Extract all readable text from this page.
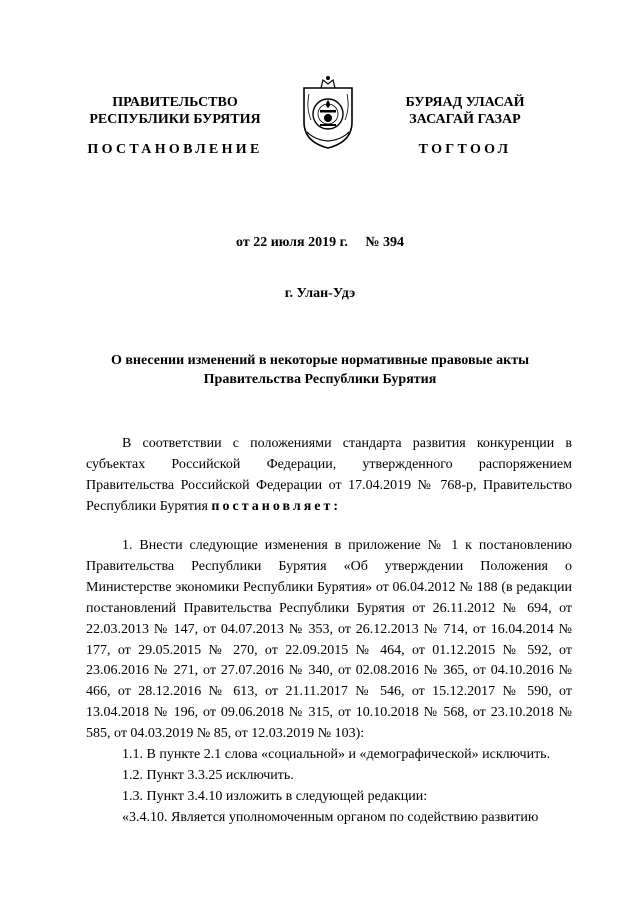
ПРАВИТЕЛЬСТВО
РЕСПУБЛИКИ БУРЯТИЯ
БУРЯАД УЛАСАЙ
ЗАСАГАЙ ГАЗАР
ПОСТАНОВЛЕНИЕ	ТОГТООЛ
от 22 июля 2019 г. № 394
г. Улан-Удэ
О внесении изменений в некоторые нормативные правовые акты Правительства Республики Бурятия
В соответствии с положениями стандарта развития конкуренции в субъектах Российской Федерации, утвержденного распоряжением Правительства Российской Федерации от 17.04.2019 № 768-р, Правительство Республики Бурятия постановляет:
1. Внести следующие изменения в приложение № 1 к постановлению Правительства Республики Бурятия «Об утверждении Положения о Министерстве экономики Республики Бурятия» от 06.04.2012 № 188 (в редакции постановлений Правительства Республики Бурятия от 26.11.2012 № 694, от 22.03.2013 № 147, от 04.07.2013 № 353, от 26.12.2013 № 714, от 16.04.2014 № 177, от 29.05.2015 № 270, от 22.09.2015 № 464, от 01.12.2015 № 592, от 23.06.2016 № 271, от 27.07.2016 № 340, от 02.08.2016 № 365, от 04.10.2016 № 466, от 28.12.2016 № 613, от 21.11.2017 № 546, от 15.12.2017 № 590, от 13.04.2018 № 196, от 09.06.2018 № 315, от 10.10.2018 № 568, от 23.10.2018 № 585, от 04.03.2019 № 85, от 12.03.2019 № 103):
1.1. В пункте 2.1 слова «социальной» и «демографической» исключить.
1.2. Пункт 3.3.25 исключить.
1.3. Пункт 3.4.10 изложить в следующей редакции:
«3.4.10. Является уполномоченным органом по содействию развитию
